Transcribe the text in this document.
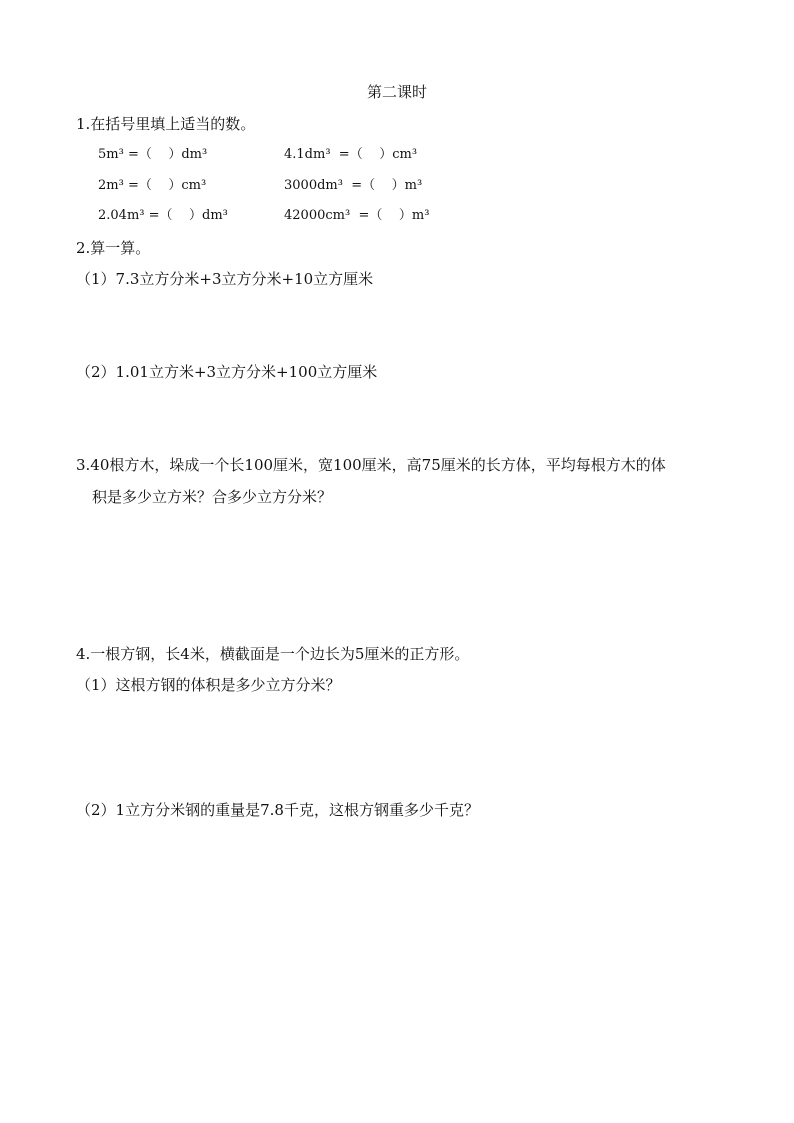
第二课时
1.在括号里填上适当的数。
5m³ =（    ）dm³	4.1dm³  =（    ）cm³
2m³ =（    ）cm³	3000dm³  =（    ）m³
2.04m³ =（    ）dm³	42000cm³  =（    ）m³
2.算一算。
（1）7.3立方分米+3立方分米+10立方厘米
（2）1.01立方米+3立方分米+100立方厘米
3.40根方木，垛成一个长100厘米，宽100厘米，高75厘米的长方体，平均每根方木的体
积是多少立方米？合多少立方分米？
4.一根方钢，长4米，横截面是一个边长为5厘米的正方形。
（1）这根方钢的体积是多少立方分米？
（2）1立方分米钢的重量是7.8千克，这根方钢重多少千克？
